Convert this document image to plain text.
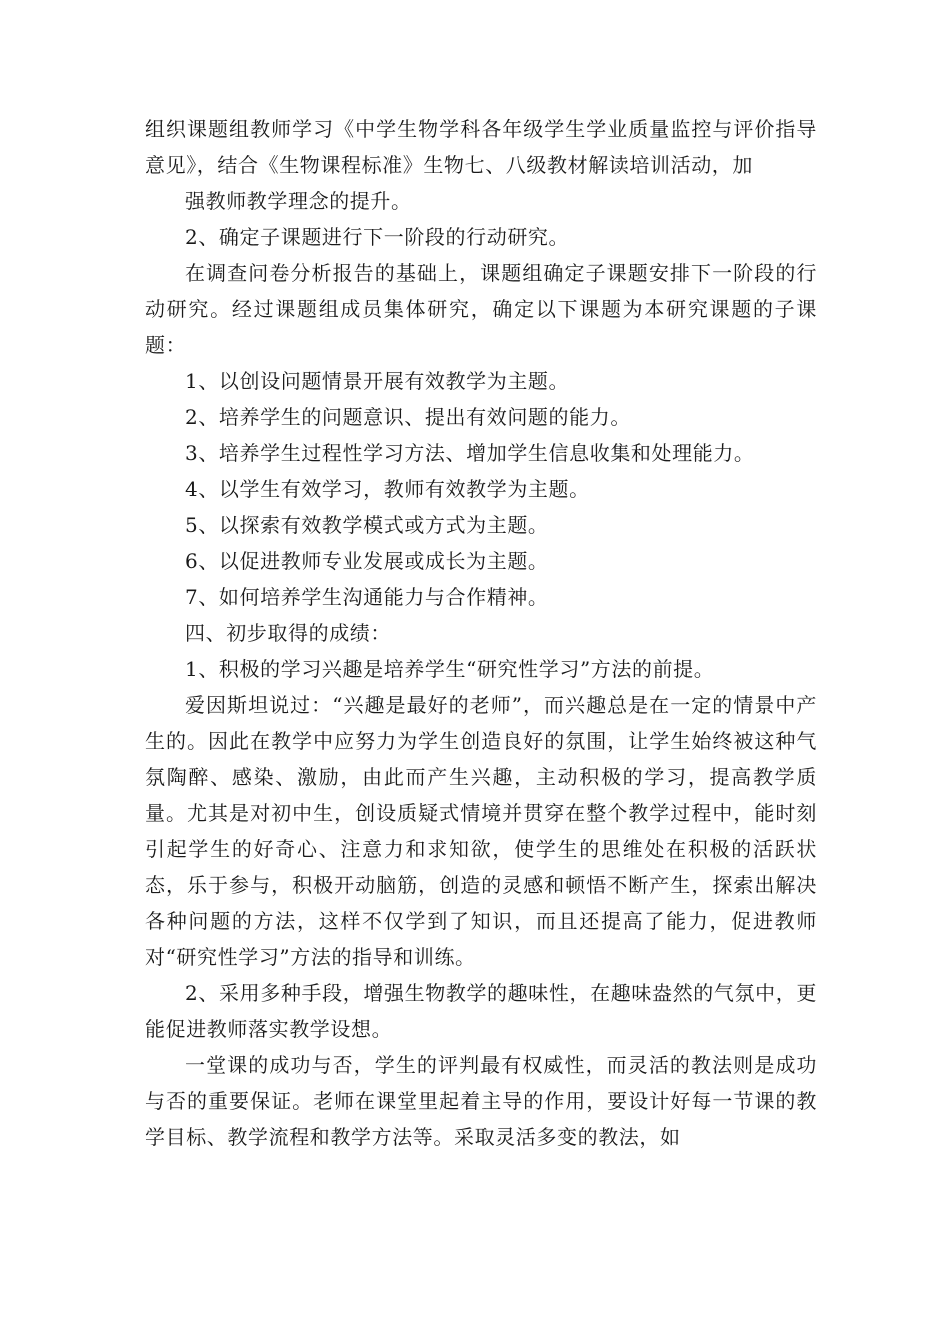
组织课题组教师学习《中学生物学科各年级学生学业质量监控与评价指导意见》，结合《生物课程标准》生物七、八级教材解读培训活动，加

强教师教学理念的提升。

2、确定子课题进行下一阶段的行动研究。

在调查问卷分析报告的基础上，课题组确定子课题安排下一阶段的行动研究。经过课题组成员集体研究，确定以下课题为本研究课题的子课题：

1、以创设问题情景开展有效教学为主题。

2、培养学生的问题意识、提出有效问题的能力。

3、培养学生过程性学习方法、增加学生信息收集和处理能力。

4、以学生有效学习，教师有效教学为主题。

5、以探索有效教学模式或方式为主题。

6、以促进教师专业发展或成长为主题。

7、如何培养学生沟通能力与合作精神。

四、初步取得的成绩：

1、积极的学习兴趣是培养学生“研究性学习”方法的前提。

爱因斯坦说过：“兴趣是最好的老师”，而兴趣总是在一定的情景中产生的。因此在教学中应努力为学生创造良好的氛围，让学生始终被这种气氛陶醉、感染、激励，由此而产生兴趣，主动积极的学习，提高教学质量。尤其是对初中生，创设质疑式情境并贯穿在整个教学过程中，能时刻引起学生的好奇心、注意力和求知欲，使学生的思维处在积极的活跃状态，乐于参与，积极开动脑筋，创造的灵感和顿悟不断产生，探索出解决各种问题的方法，这样不仅学到了知识，而且还提高了能力，促进教师对“研究性学习”方法的指导和训练。

2、采用多种手段，增强生物教学的趣味性，在趣味盎然的气氛中，更能促进教师落实教学设想。

一堂课的成功与否，学生的评判最有权威性，而灵活的教法则是成功与否的重要保证。老师在课堂里起着主导的作用，要设计好每一节课的教学目标、教学流程和教学方法等。采取灵活多变的教法，如
